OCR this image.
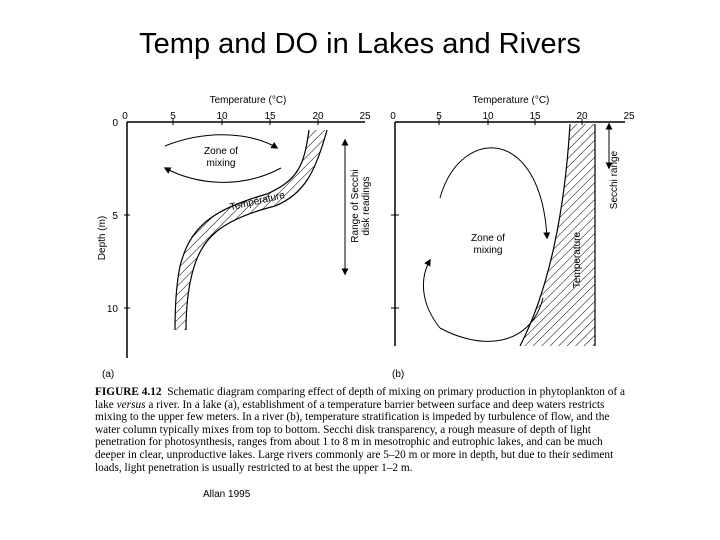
Temp and DO in Lakes and Rivers
Temperature (°C)
0	5	10	15	20	25
0
5
10
Depth (m)
Temperature
Zone of
mixing
Range of Secchi disk readings
(a)
Temperature (°C)
0	5	10	15	20	25
Temperature
Zone of
mixing
Secchi range
(b)
FIGURE 4.12 Schematic diagram comparing effect of depth of mixing on primary production in phytoplankton of a lake versus a river. In a lake (a), establishment of a temperature barrier between surface and deep waters restricts mixing to the upper few meters. In a river (b), temperature stratification is impeded by turbulence of flow, and the water column typically mixes from top to bottom. Secchi disk transparency, a rough measure of depth of light penetration for photosynthesis, ranges from about 1 to 8 m in mesotrophic and eutrophic lakes, and can be much deeper in clear, unproductive lakes. Large rivers commonly are 5–20 m or more in depth, but due to their sediment loads, light penetration is usually restricted to at best the upper 1–2 m.
Allan 1995
